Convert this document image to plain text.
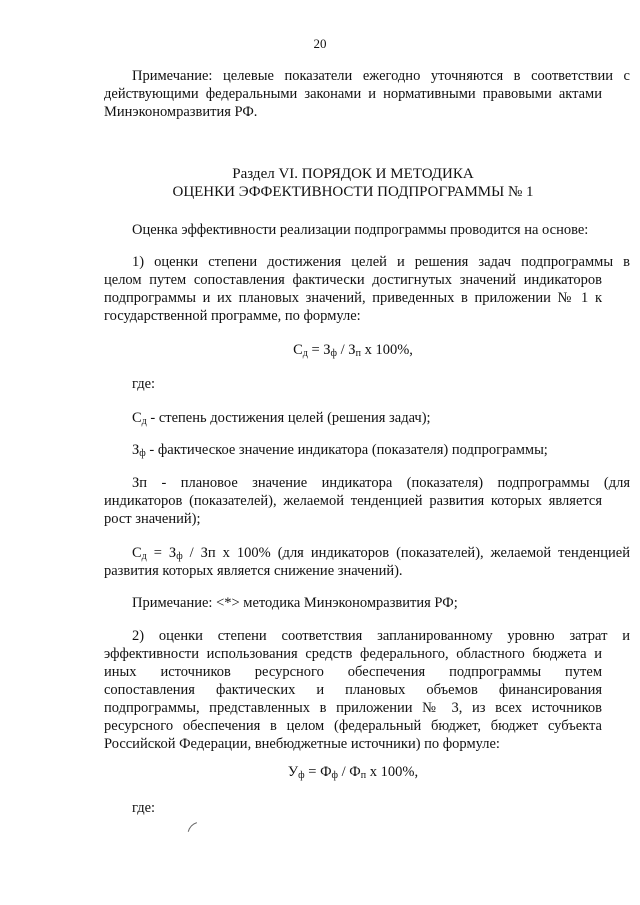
20
Примечание: целевые показатели ежегодно уточняются в соответствии с
действующими федеральными законами и нормативными правовыми актами
Минэкономразвития РФ.
Раздел VI. ПОРЯДОК И МЕТОДИКА
ОЦЕНКИ ЭФФЕКТИВНОСТИ ПОДПРОГРАММЫ № 1
Оценка эффективности реализации подпрограммы проводится на основе:
1) оценки степени достижения целей и решения задач подпрограммы в
целом путем сопоставления фактически достигнутых значений индикаторов
подпрограммы и их плановых значений, приведенных в приложении № 1 к
государственной программе, по формуле:
$С_д = З_ф / З_п$ х 100%,
где:
$С_д$ - степень достижения целей (решения задач);
$З_ф$ - фактическое значение индикатора (показателя) подпрограммы;
Зп - плановое значение индикатора (показателя) подпрограммы (для
индикаторов (показателей), желаемой тенденцией развития которых является
рост значений);
$С_д = З_ф$ / Зп х 100% (для индикаторов (показателей), желаемой тенденцией
развития которых является снижение значений).
Примечание: <*> методика Минэкономразвития РФ;
2) оценки степени соответствия запланированному уровню затрат и
эффективности использования средств федерального, областного бюджета и
иных источников ресурсного обеспечения подпрограммы путем
сопоставления фактических и плановых объемов финансирования
подпрограммы, представленных в приложении № 3, из всех источников
ресурсного обеспечения в целом (федеральный бюджет, бюджет субъекта
Российской Федерации, внебюджетные источники) по формуле:
$У_ф = Ф_ф / Ф_п$ х 100%,
где:
